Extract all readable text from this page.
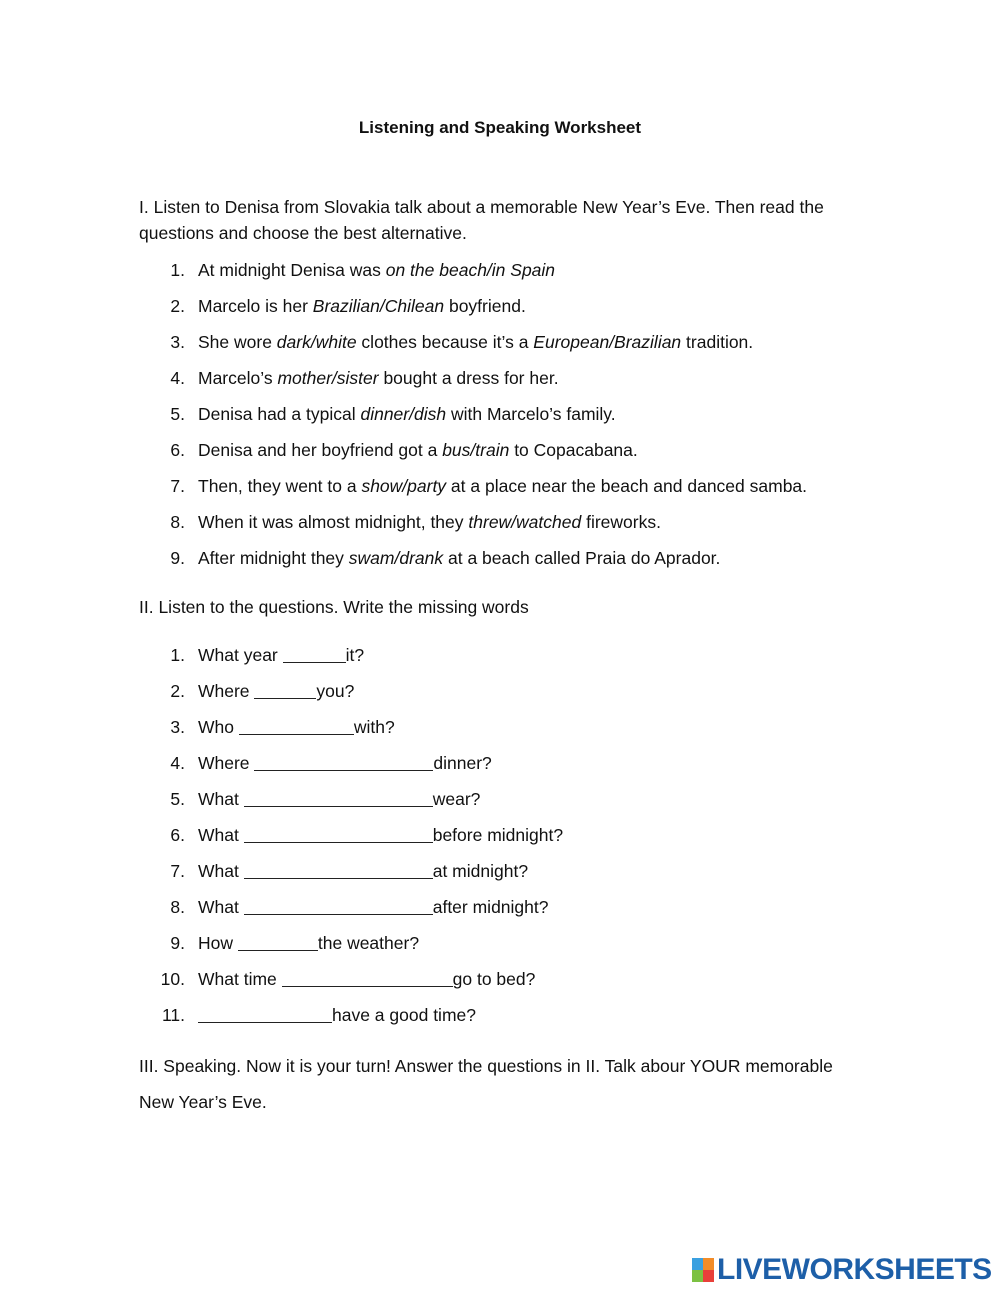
Listening and Speaking Worksheet
I. Listen to Denisa from Slovakia talk about a memorable New Year’s Eve. Then read the questions and choose the best alternative.
1. At midnight Denisa was on the beach/in Spain
2. Marcelo is her Brazilian/Chilean boyfriend.
3. She wore dark/white clothes because it’s a European/Brazilian tradition.
4. Marcelo’s mother/sister bought a dress for her.
5. Denisa had a typical dinner/dish with Marcelo’s family.
6. Denisa and her boyfriend got a bus/train to Copacabana.
7. Then, they went to a show/party at a place near the beach and danced samba.
8. When it was almost midnight, they threw/watched fireworks.
9. After midnight they swam/drank at a beach called Praia do Aprador.
II. Listen to the questions. Write the missing words
1. What year	it?
2. Where	you?
3. Who	with?
4. Where	dinner?
5. What	wear?
6. What	before midnight?
7. What	at midnight?
8. What	after midnight?
9. How	the weather?
10. What time	go to bed?
11.	have a good time?
III. Speaking. Now it is your turn! Answer the questions in II. Talk abour YOUR memorable New Year’s Eve.
LIVEWORKSHEETS
